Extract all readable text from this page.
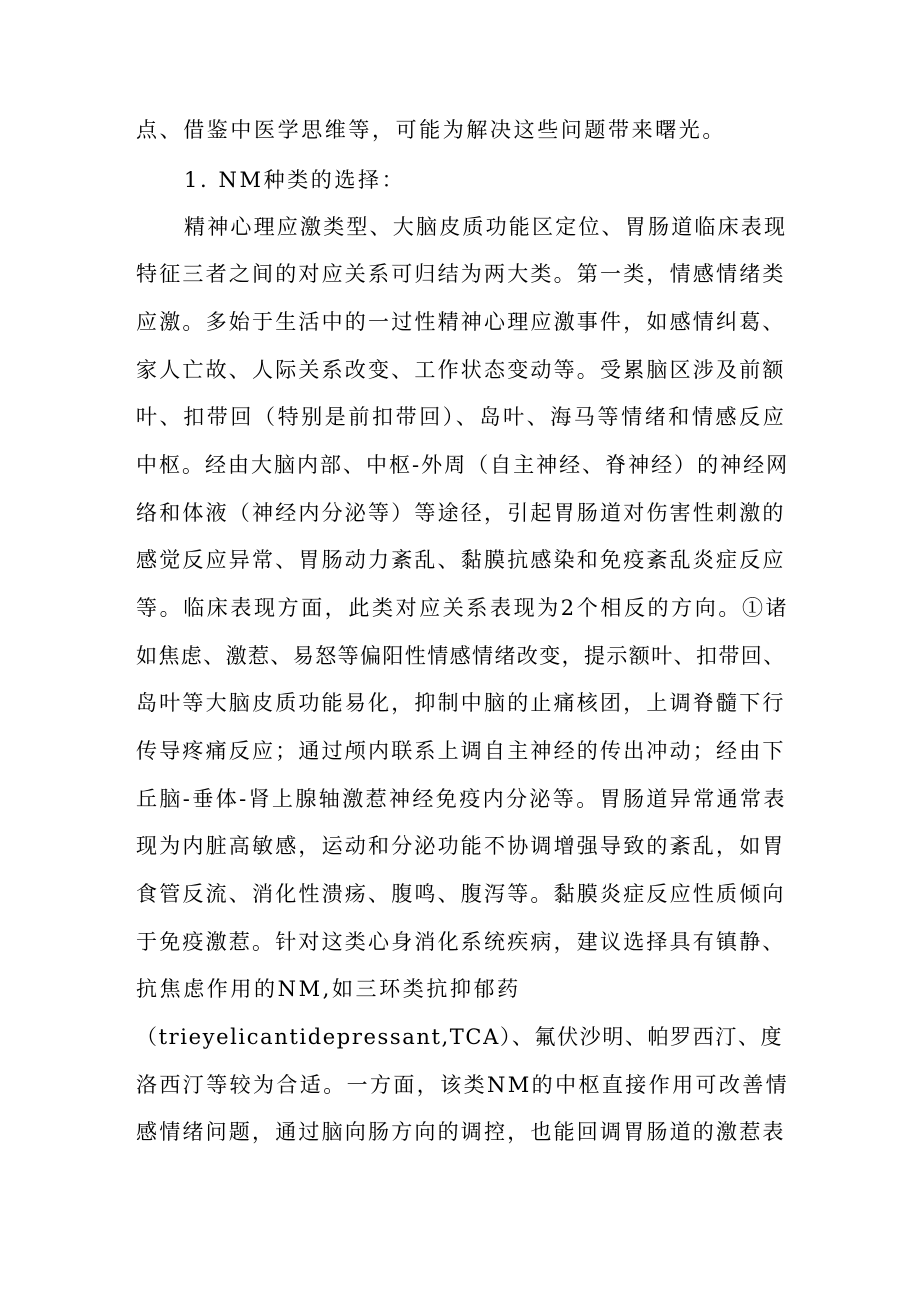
点、借鉴中医学思维等，可能为解决这些问题带来曙光。

1. NM种类的选择：

精神心理应激类型、大脑皮质功能区定位、胃肠道临床表现

特征三者之间的对应关系可归结为两大类。第一类，情感情绪类

应激。多始于生活中的一过性精神心理应激事件，如感情纠葛、

家人亡故、人际关系改变、工作状态变动等。受累脑区涉及前额

叶、扣带回（特别是前扣带回）、岛叶、海马等情绪和情感反应

中枢。经由大脑内部、中枢-外周（自主神经、脊神经）的神经网

络和体液（神经内分泌等）等途径，引起胃肠道对伤害性刺激的

感觉反应异常、胃肠动力紊乱、黏膜抗感染和免疫紊乱炎症反应

等。临床表现方面，此类对应关系表现为2个相反的方向。①诸

如焦虑、激惹、易怒等偏阳性情感情绪改变，提示额叶、扣带回、

岛叶等大脑皮质功能易化，抑制中脑的止痛核团，上调脊髓下行

传导疼痛反应；通过颅内联系上调自主神经的传出冲动；经由下

丘脑-垂体-肾上腺轴激惹神经免疫内分泌等。胃肠道异常通常表

现为内脏高敏感，运动和分泌功能不协调增强导致的紊乱，如胃

食管反流、消化性溃疡、腹鸣、腹泻等。黏膜炎症反应性质倾向

于免疫激惹。针对这类心身消化系统疾病，建议选择具有镇静、

抗焦虑作用的NM,如三环类抗抑郁药

（trieyelicantidepressant,TCA）、氟伏沙明、帕罗西汀、度

洛西汀等较为合适。一方面，该类NM的中枢直接作用可改善情

感情绪问题，通过脑向肠方向的调控，也能回调胃肠道的激惹表
